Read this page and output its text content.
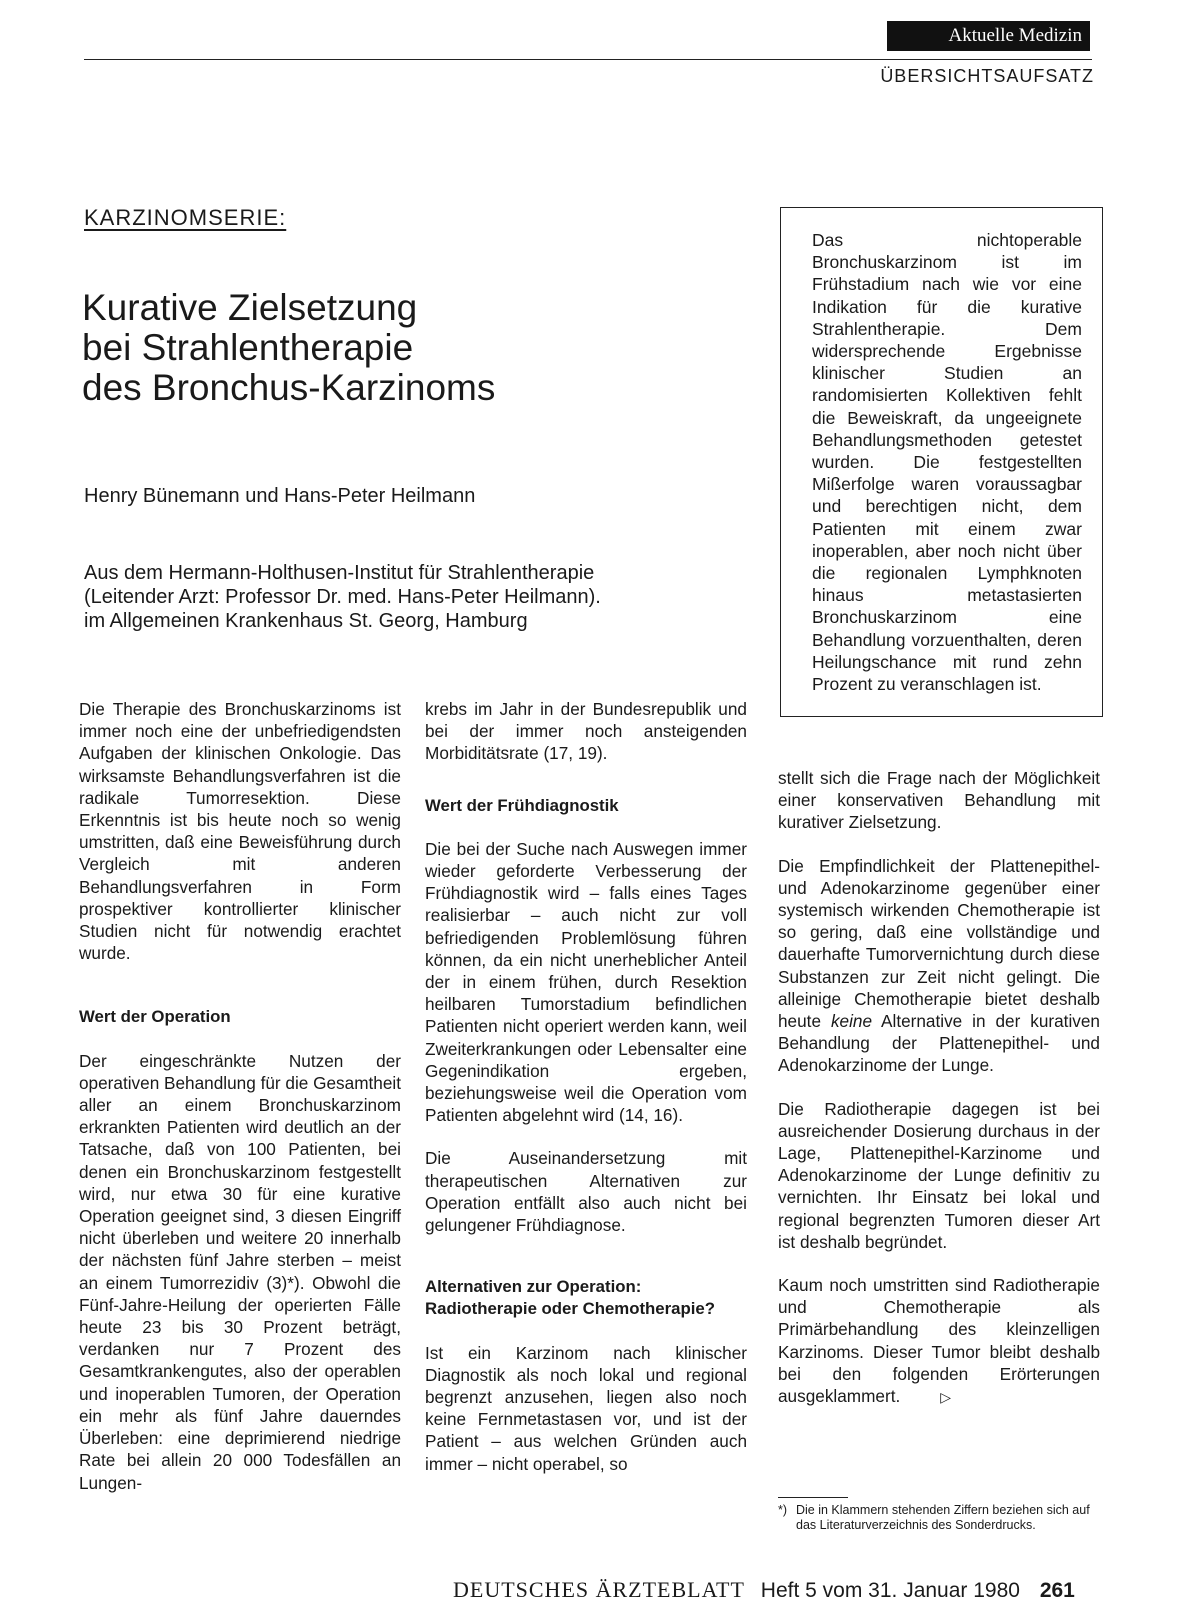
Aktuelle Medizin
ÜBERSICHTSAUFSATZ
KARZINOMSERIE:
Kurative Zielsetzung
bei Strahlentherapie
des Bronchus-Karzinoms
Henry Bünemann und Hans-Peter Heilmann
Aus dem Hermann-Holthusen-Institut für Strahlentherapie
(Leitender Arzt: Professor Dr. med. Hans-Peter Heilmann).
im Allgemeinen Krankenhaus St. Georg, Hamburg
Das nichtoperable Bronchuskarzinom ist im Frühstadium nach wie vor eine Indikation für die kurative Strahlentherapie. Dem widersprechende Ergebnisse klinischer Studien an randomisierten Kollektiven fehlt die Beweiskraft, da ungeeignete Behandlungsmethoden getestet wurden. Die festgestellten Mißerfolge waren voraussagbar und berechtigen nicht, dem Patienten mit einem zwar inoperablen, aber noch nicht über die regionalen Lymphknoten hinaus metastasierten Bronchuskarzinom eine Behandlung vorzuenthalten, deren Heilungschance mit rund zehn Prozent zu veranschlagen ist.

Die Therapie des Bronchuskarzinoms ist immer noch eine der unbefriedigendsten Aufgaben der klinischen Onkologie. Das wirksamste Behandlungsverfahren ist die radikale Tumorresektion. Diese Erkenntnis ist bis heute noch so wenig umstritten, daß eine Beweisführung durch Vergleich mit anderen Behandlungsverfahren in Form prospektiver kontrollierter klinischer Studien nicht für notwendig erachtet wurde.

Wert der Operation

Der eingeschränkte Nutzen der operativen Behandlung für die Gesamtheit aller an einem Bronchuskarzinom erkrankten Patienten wird deutlich an der Tatsache, daß von 100 Patienten, bei denen ein Bronchuskarzinom festgestellt wird, nur etwa 30 für eine kurative Operation geeignet sind, 3 diesen Eingriff nicht überleben und weitere 20 innerhalb der nächsten fünf Jahre sterben – meist an einem Tumorrezidiv (3)*). Obwohl die Fünf-Jahre-Heilung der operierten Fälle heute 23 bis 30 Prozent beträgt, verdanken nur 7 Prozent des Gesamtkrankengutes, also der operablen und inoperablen Tumoren, der Operation ein mehr als fünf Jahre dauerndes Überleben: eine deprimierend niedrige Rate bei allein 20 000 Todesfällen an Lungen-

krebs im Jahr in der Bundesrepublik und bei der immer noch ansteigenden Morbiditätsrate (17, 19).

Wert der Frühdiagnostik

Die bei der Suche nach Auswegen immer wieder geforderte Verbesserung der Frühdiagnostik wird – falls eines Tages realisierbar – auch nicht zur voll befriedigenden Problemlösung führen können, da ein nicht unerheblicher Anteil der in einem frühen, durch Resektion heilbaren Tumorstadium befindlichen Patienten nicht operiert werden kann, weil Zweiterkrankungen oder Lebensalter eine Gegenindikation ergeben, beziehungsweise weil die Operation vom Patienten abgelehnt wird (14, 16).

Die Auseinandersetzung mit therapeutischen Alternativen zur Operation entfällt also auch nicht bei gelungener Frühdiagnose.

Alternativen zur Operation: Radiotherapie oder Chemotherapie?

Ist ein Karzinom nach klinischer Diagnostik als noch lokal und regional begrenzt anzusehen, liegen also noch keine Fernmetastasen vor, und ist der Patient – aus welchen Gründen auch immer – nicht operabel, so

stellt sich die Frage nach der Möglichkeit einer konservativen Behandlung mit kurativer Zielsetzung.

Die Empfindlichkeit der Plattenepithel- und Adenokarzinome gegenüber einer systemisch wirkenden Chemotherapie ist so gering, daß eine vollständige und dauerhafte Tumorvernichtung durch diese Substanzen zur Zeit nicht gelingt. Die alleinige Chemotherapie bietet deshalb heute keine Alternative in der kurativen Behandlung der Plattenepithel- und Adenokarzinome der Lunge.

Die Radiotherapie dagegen ist bei ausreichender Dosierung durchaus in der Lage, Plattenepithel-Karzinome und Adenokarzinome der Lunge definitiv zu vernichten. Ihr Einsatz bei lokal und regional begrenzten Tumoren dieser Art ist deshalb begründet.

Kaum noch umstritten sind Radiotherapie und Chemotherapie als Primärbehandlung des kleinzelligen Karzinoms. Dieser Tumor bleibt deshalb bei den folgenden Erörterungen ausgeklammert.	▷

*) Die in Klammern stehenden Ziffern beziehen sich auf das Literaturverzeichnis des Sonderdrucks.
DEUTSCHES ÄRZTEBLATT Heft 5 vom 31. Januar 1980 261
